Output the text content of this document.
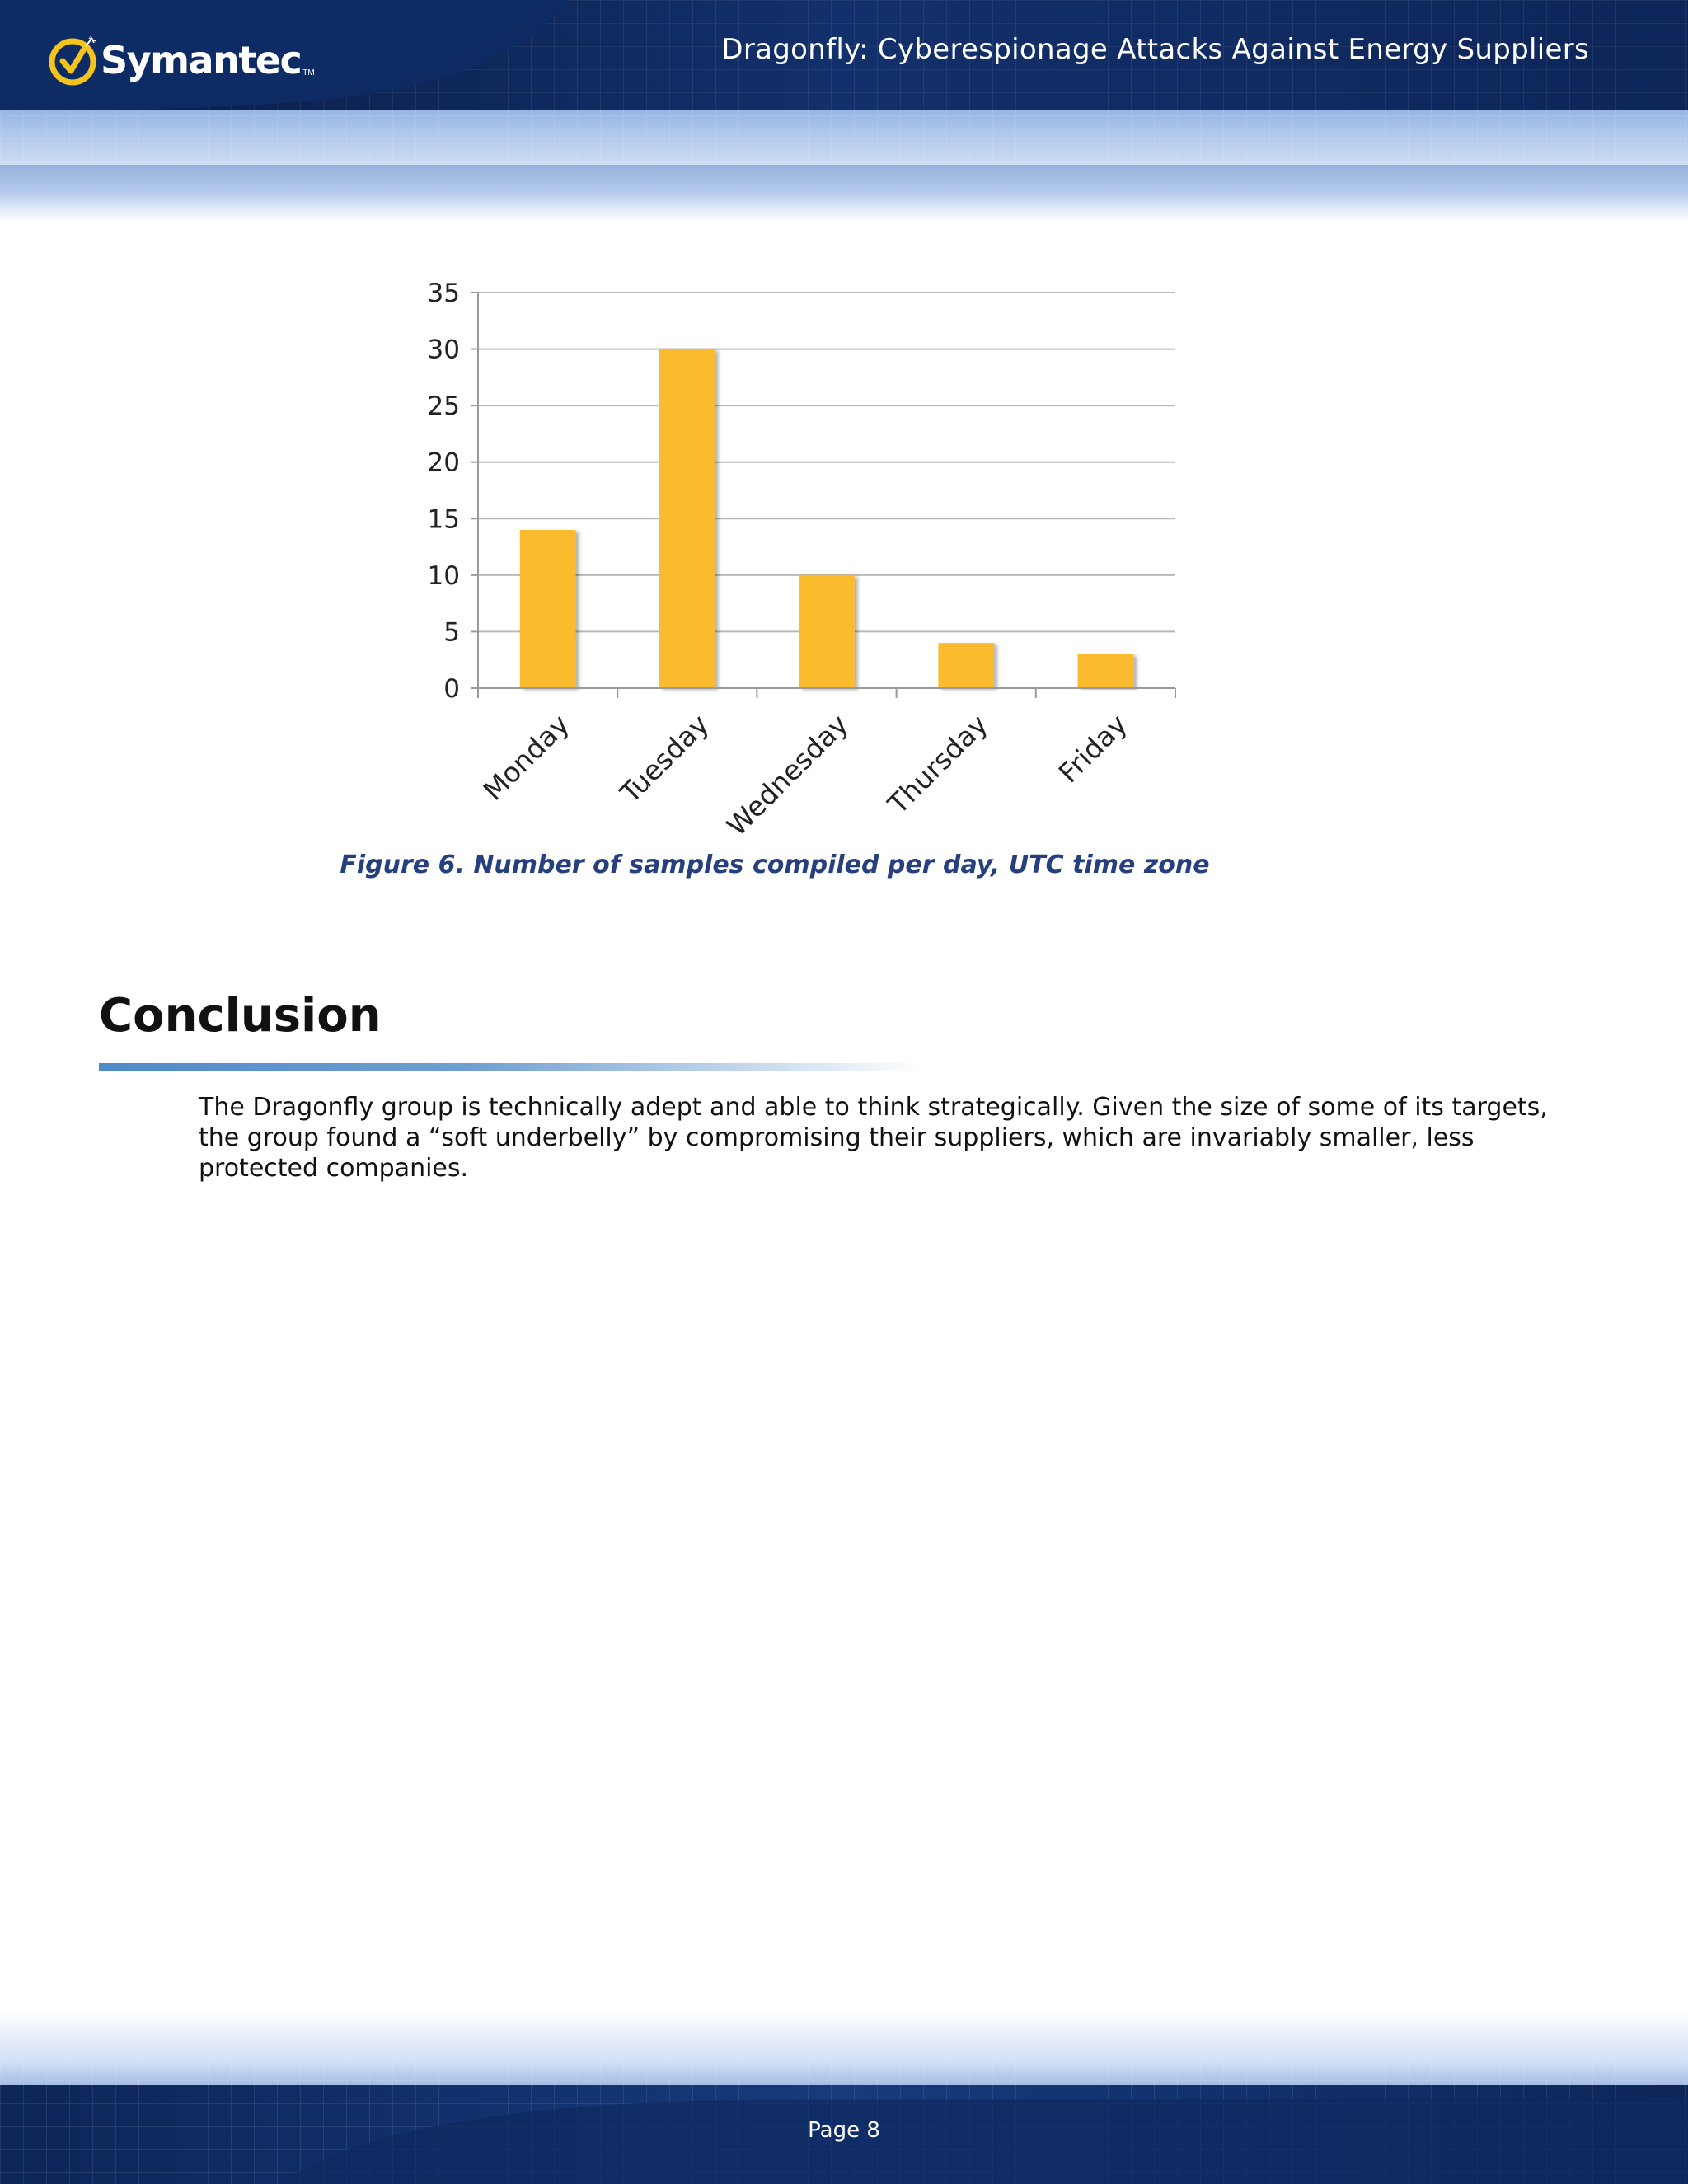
Symantec TM
Dragonfly: Cyberespionage Attacks Against Energy Suppliers
0
5
10
15
20
25
30
35
Monday Tuesday Wednesday Thursday Friday
Figure 6. Number of samples compiled per day, UTC time zone
Conclusion

The Dragonfly group is technically adept and able to think strategically. Given the size of some of its targets, the group found a “soft underbelly” by compromising their suppliers, which are invariably smaller, less protected companies.

Page 8
